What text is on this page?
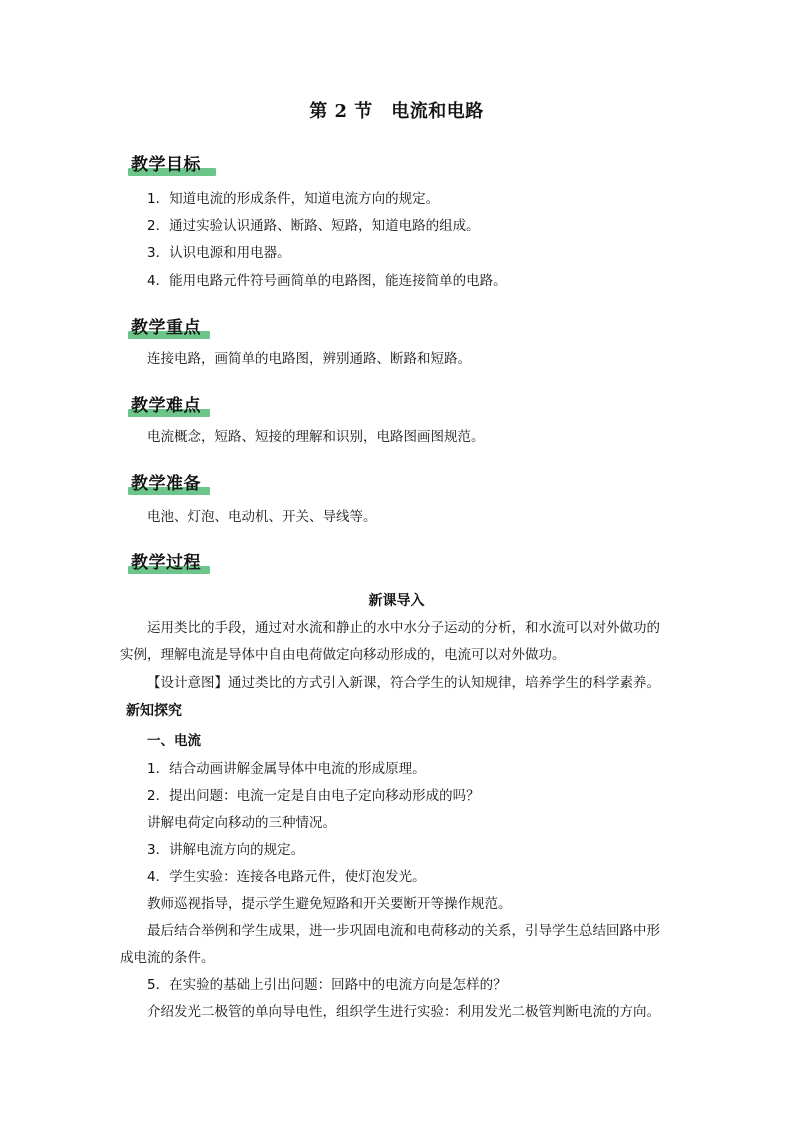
第 2 节　电流和电路
教学目标
1．知道电流的形成条件，知道电流方向的规定。
2．通过实验认识通路、断路、短路，知道电路的组成。
3．认识电源和用电器。
4．能用电路元件符号画简单的电路图，能连接简单的电路。
教学重点
连接电路，画简单的电路图，辨别通路、断路和短路。
教学难点
电流概念，短路、短接的理解和识别，电路图画图规范。
教学准备
电池、灯泡、电动机、开关、导线等。
教学过程
新课导入
运用类比的手段，通过对水流和静止的水中水分子运动的分析，和水流可以对外做功的
实例，理解电流是导体中自由电荷做定向移动形成的，电流可以对外做功。
【设计意图】通过类比的方式引入新课，符合学生的认知规律，培养学生的科学素养。
新知探究
一、电流
1．结合动画讲解金属导体中电流的形成原理。
2．提出问题：电流一定是自由电子定向移动形成的吗？
讲解电荷定向移动的三种情况。
3．讲解电流方向的规定。
4．学生实验：连接各电路元件，使灯泡发光。
教师巡视指导，提示学生避免短路和开关要断开等操作规范。
最后结合举例和学生成果，进一步巩固电流和电荷移动的关系，引导学生总结回路中形
成电流的条件。
5．在实验的基础上引出问题：回路中的电流方向是怎样的？
介绍发光二极管的单向导电性，组织学生进行实验：利用发光二极管判断电流的方向。
